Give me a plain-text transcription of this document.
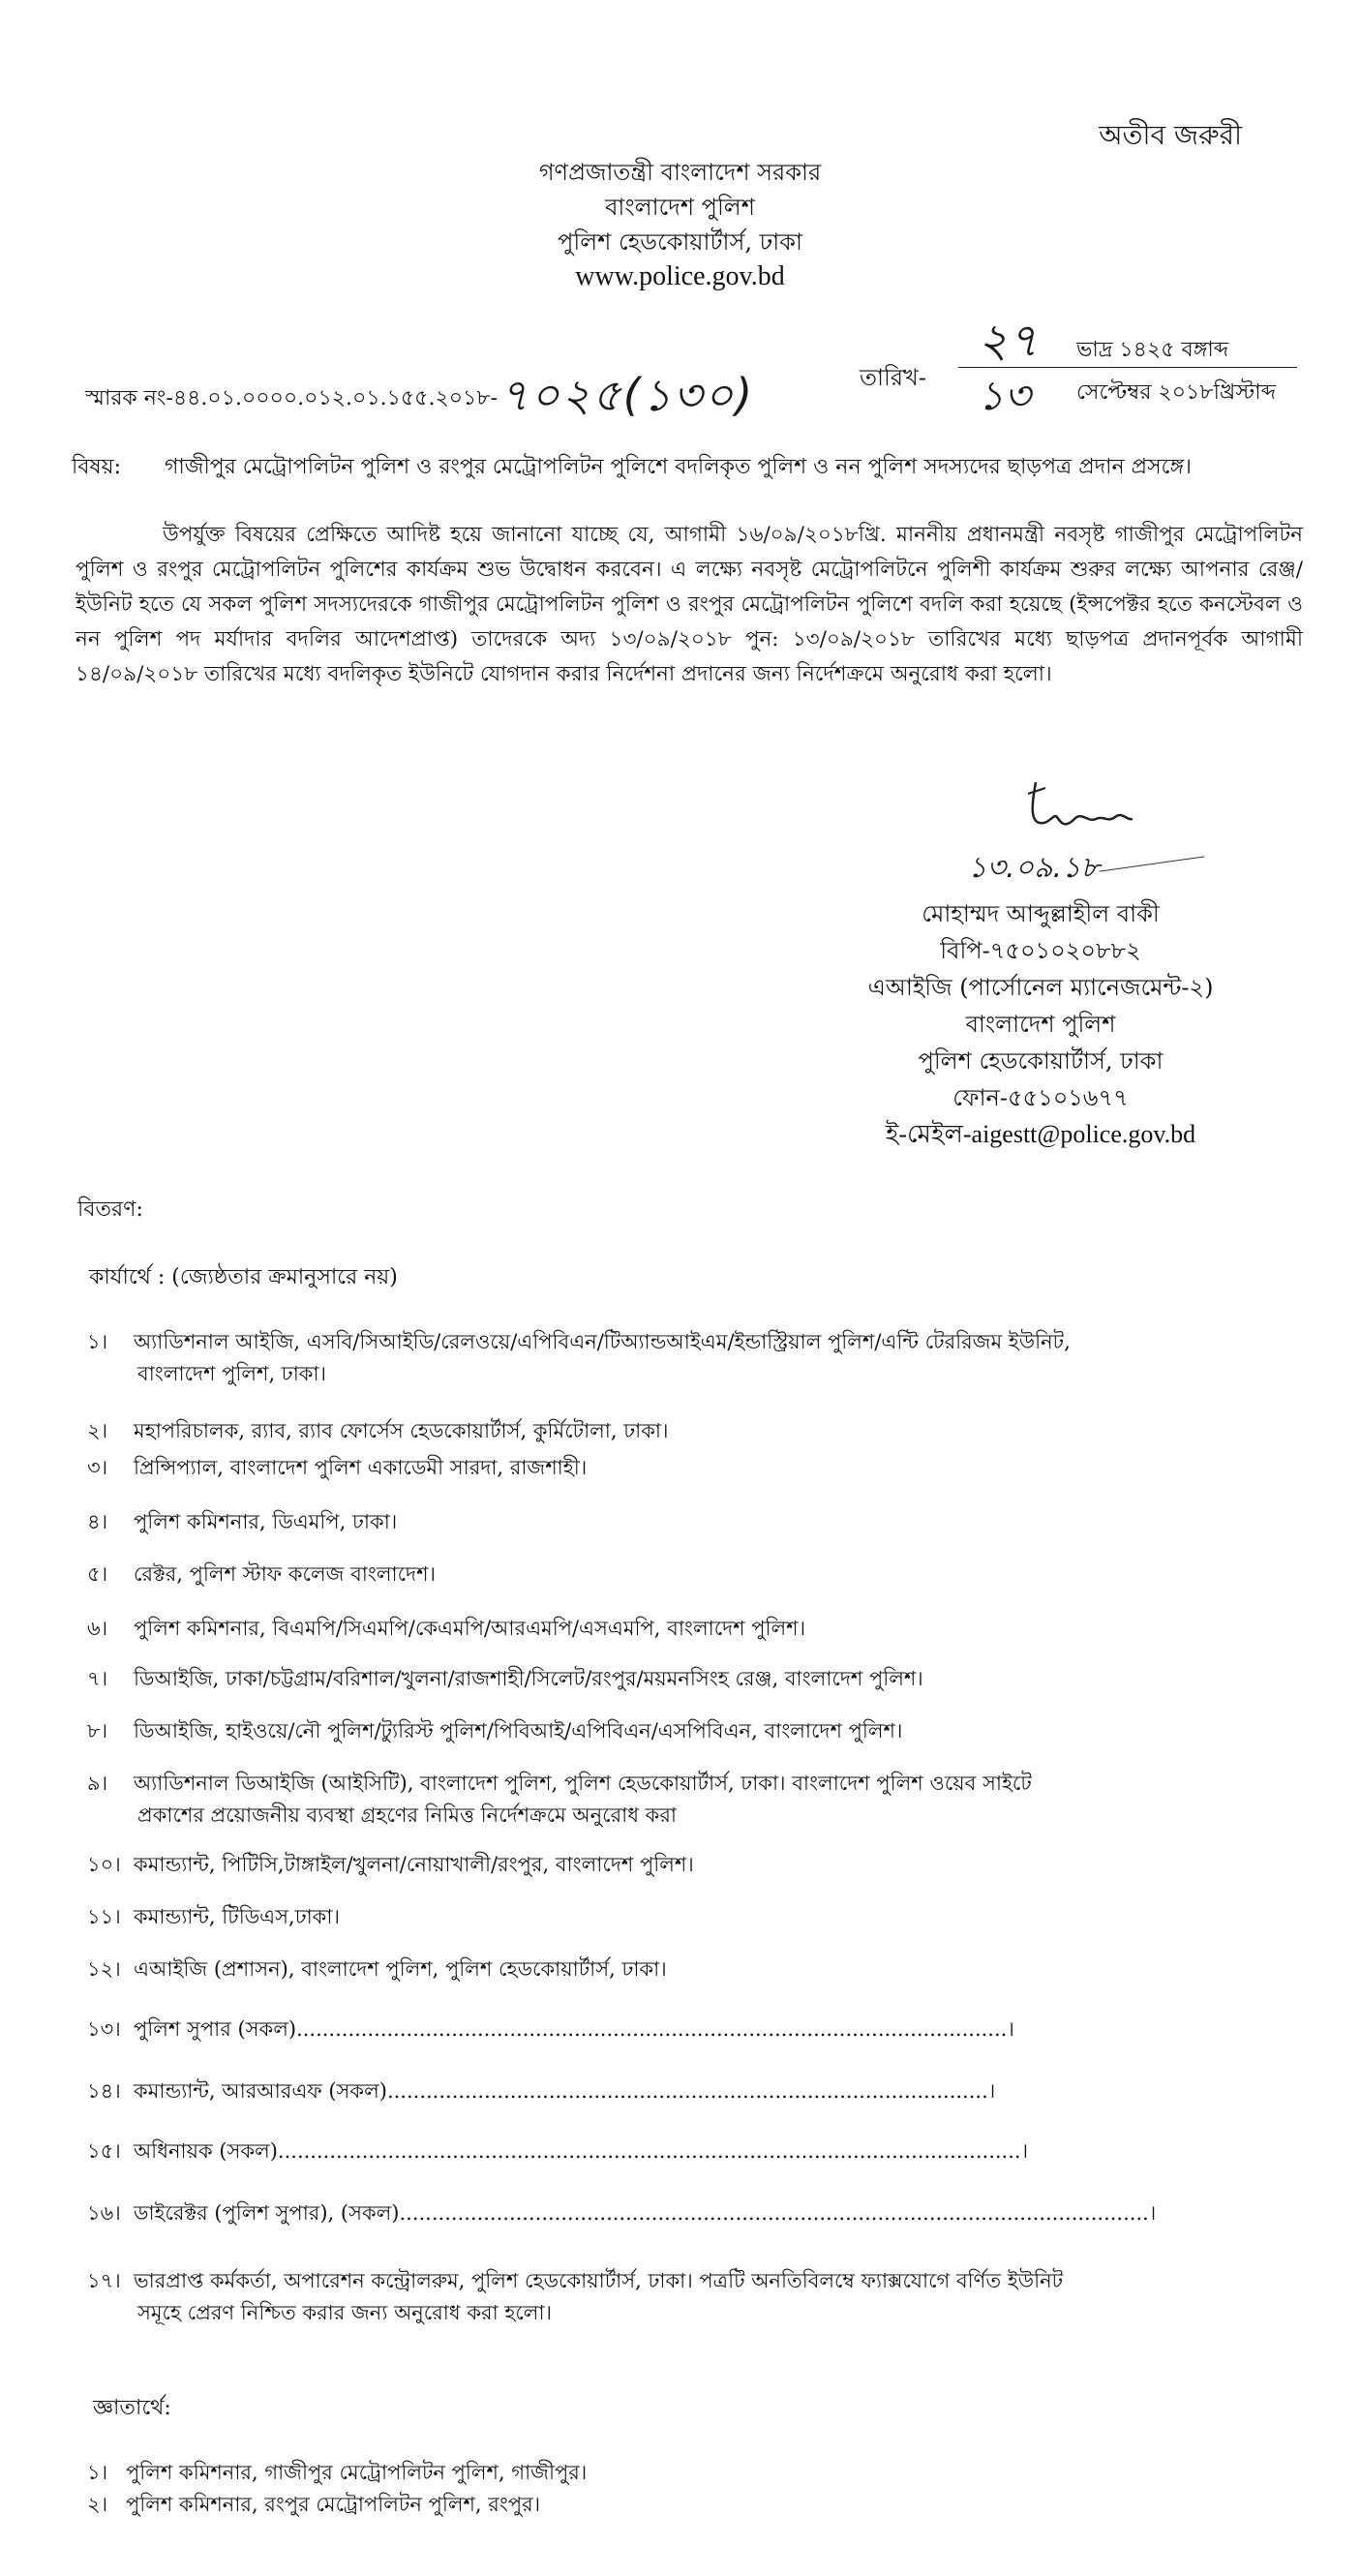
অতীব জরুরী
গণপ্রজাতন্ত্রী বাংলাদেশ সরকার
বাংলাদেশ পুলিশ
পুলিশ হেডকোয়ার্টার্স, ঢাকা
www.police.gov.bd
স্মারক নং-৪৪.০১.০০০০.০১২.০১.১৫৫.২০১৮-৭০২৫(১৩০)	তারিখ-
২৭ ভাদ্র ১৪২৫ বঙ্গাব্দ
১৩ সেপ্টেম্বর ২০১৮খ্রিস্টাব্দ
বিষয়: গাজীপুর মেট্রোপলিটন পুলিশ ও রংপুর মেট্রোপলিটন পুলিশে বদলিকৃত পুলিশ ও নন পুলিশ সদস্যদের ছাড়পত্র প্রদান প্রসঙ্গে।

উপর্যুক্ত বিষয়ের প্রেক্ষিতে আদিষ্ট হয়ে জানানো যাচ্ছে যে, আগামী ১৬/০৯/২০১৮খ্রি. মাননীয় প্রধানমন্ত্রী নবসৃষ্ট গাজীপুর মেট্রোপলিটন পুলিশ ও রংপুর মেট্রোপলিটন পুলিশের কার্যক্রম শুভ উদ্বোধন করবেন। এ লক্ষ্যে নবসৃষ্ট মেট্রোপলিটনে পুলিশী কার্যক্রম শুরুর লক্ষ্যে আপনার রেঞ্জ/ইউনিট হতে যে সকল পুলিশ সদস্যদেরকে গাজীপুর মেট্রোপলিটন পুলিশ ও রংপুর মেট্রোপলিটন পুলিশে বদলি করা হয়েছে (ইন্সপেক্টর হতে কনস্টেবল ও নন পুলিশ পদ মর্যাদার বদলির আদেশপ্রাপ্ত) তাদেরকে অদ্য ১৩/০৯/২০১৮ পুন: ১৩/০৯/২০১৮ তারিখের মধ্যে ছাড়পত্র প্রদানপূর্বক আগামী ১৪/০৯/২০১৮ তারিখের মধ্যে বদলিকৃত ইউনিটে যোগদান করার নির্দেশনা প্রদানের জন্য নির্দেশক্রমে অনুরোধ করা হলো।

১৩.০৯.১৮
মোহাম্মদ আব্দুল্লাহীল বাকী
বিপি-৭৫০১০২০৮৮২
এআইজি (পার্সোনেল ম্যানেজমেন্ট-২)
বাংলাদেশ পুলিশ
পুলিশ হেডকোয়ার্টার্স, ঢাকা
ফোন-৫৫১০১৬৭৭
ই-মেইল-aigestt@police.gov.bd
বিতরণ:
কার্যার্থে : (জ্যেষ্ঠতার ক্রমানুসারে নয়)
১। অ্যাডিশনাল আইজি, এসবি/সিআইডি/রেলওয়ে/এপিবিএন/টিঅ্যান্ডআইএম/ইন্ডাস্ট্রিয়াল পুলিশ/এন্টি টেররিজম ইউনিট,
বাংলাদেশ পুলিশ, ঢাকা।
২। মহাপরিচালক, র‌্যাব, র‌্যাব ফোর্সেস হেডকোয়ার্টার্স, কুর্মিটোলা, ঢাকা।
৩। প্রিন্সিপ্যাল, বাংলাদেশ পুলিশ একাডেমী সারদা, রাজশাহী।
৪। পুলিশ কমিশনার, ডিএমপি, ঢাকা।
৫। রেক্টর, পুলিশ স্টাফ কলেজ বাংলাদেশ।
৬। পুলিশ কমিশনার, বিএমপি/সিএমপি/কেএমপি/আরএমপি/এসএমপি, বাংলাদেশ পুলিশ।
৭। ডিআইজি, ঢাকা/চট্টগ্রাম/বরিশাল/খুলনা/রাজশাহী/সিলেট/রংপুর/ময়মনসিংহ রেঞ্জ, বাংলাদেশ পুলিশ।
৮। ডিআইজি, হাইওয়ে/নৌ পুলিশ/ট্যুরিস্ট পুলিশ/পিবিআই/এপিবিএন/এসপিবিএন, বাংলাদেশ পুলিশ।
৯। অ্যাডিশনাল ডিআইজি (আইসিটি), বাংলাদেশ পুলিশ, পুলিশ হেডকোয়ার্টার্স, ঢাকা। বাংলাদেশ পুলিশ ওয়েব সাইটে
প্রকাশের প্রয়োজনীয় ব্যবস্থা গ্রহণের নিমিত্ত নির্দেশক্রমে অনুরোধ করা
১০। কমান্ড্যান্ট, পিটিসি,টাঙ্গাইল/খুলনা/নোয়াখালী/রংপুর, বাংলাদেশ পুলিশ।
১১। কমান্ড্যান্ট, টিডিএস,ঢাকা।
১২। এআইজি (প্রশাসন), বাংলাদেশ পুলিশ, পুলিশ হেডকোয়ার্টার্স, ঢাকা।
১৩। পুলিশ সুপার (সকল)..............................................................................................................।
১৪। কমান্ড্যান্ট, আরআরএফ (সকল).............................................................................................।
১৫। অধিনায়ক (সকল)...................................................................................................................।
১৬। ডাইরেক্টর (পুলিশ সুপার), (সকল)....................................................................................................................।
১৭। ভারপ্রাপ্ত কর্মকর্তা, অপারেশন কন্ট্রোলরুম, পুলিশ হেডকোয়ার্টার্স, ঢাকা। পত্রটি অনতিবিলম্বে ফ্যাক্সযোগে বর্ণিত ইউনিট
সমূহে প্রেরণ নিশ্চিত করার জন্য অনুরোধ করা হলো।
জ্ঞাতার্থে:
১। পুলিশ কমিশনার, গাজীপুর মেট্রোপলিটন পুলিশ, গাজীপুর।
২। পুলিশ কমিশনার, রংপুর মেট্রোপলিটন পুলিশ, রংপুর।
